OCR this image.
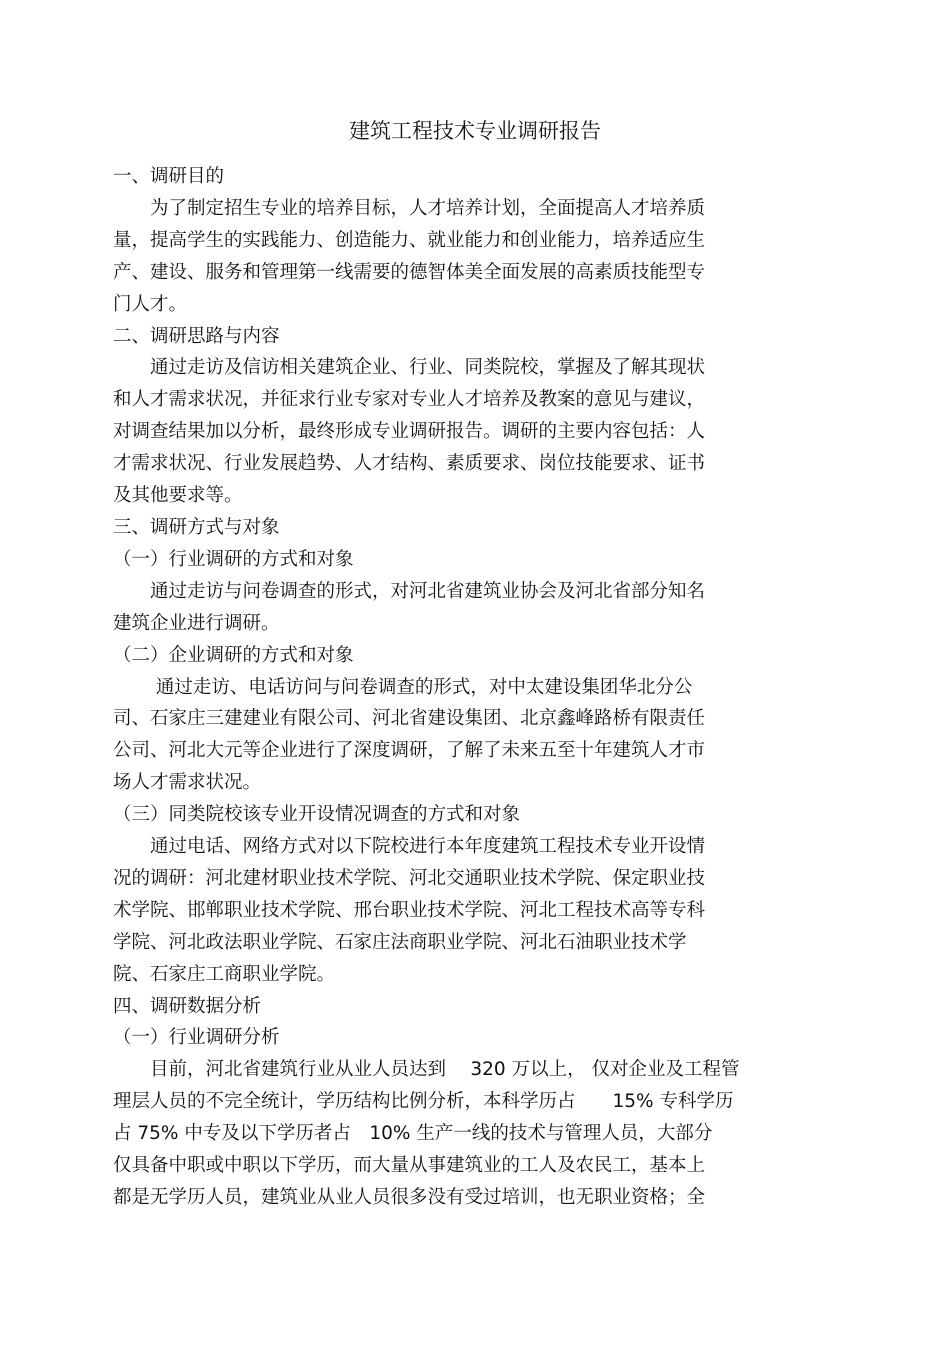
建筑工程技术专业调研报告
一、调研目的
　　为了制定招生专业的培养目标，人才培养计划，全面提高人才培养质
量，提高学生的实践能力、创造能力、就业能力和创业能力，培养适应生
产、建设、服务和管理第一线需要的德智体美全面发展的高素质技能型专
门人才。
二、调研思路与内容
　　通过走访及信访相关建筑企业、行业、同类院校，掌握及了解其现状
和人才需求状况，并征求行业专家对专业人才培养及教案的意见与建议，
对调查结果加以分析，最终形成专业调研报告。调研的主要内容包括：人
才需求状况、行业发展趋势、人才结构、素质要求、岗位技能要求、证书
及其他要求等。
三、调研方式与对象
（一）行业调研的方式和对象
　　通过走访与问卷调查的形式，对河北省建筑业协会及河北省部分知名
建筑企业进行调研。
（二）企业调研的方式和对象
　　 通过走访、电话访问与问卷调查的形式，对中太建设集团华北分公
司、石家庄三建建业有限公司、河北省建设集团、北京鑫峰路桥有限责任
公司、河北大元等企业进行了深度调研，了解了未来五至十年建筑人才市
场人才需求状况。
（三）同类院校该专业开设情况调查的方式和对象
　　通过电话、网络方式对以下院校进行本年度建筑工程技术专业开设情
况的调研：河北建材职业技术学院、河北交通职业技术学院、保定职业技
术学院、邯郸职业技术学院、邢台职业技术学院、河北工程技术高等专科
学院、河北政法职业学院、石家庄法商职业学院、河北石油职业技术学
院、石家庄工商职业学院。
四、调研数据分析
（一）行业调研分析
　　目前，河北省建筑行业从业人员达到　 320 万以上， 仅对企业及工程管
理层人员的不完全统计，学历结构比例分析，本科学历占　　15% 专科学历
占 75% 中专及以下学历者占　10% 生产一线的技术与管理人员，大部分
仅具备中职或中职以下学历，而大量从事建筑业的工人及农民工，基本上
都是无学历人员，建筑业从业人员很多没有受过培训，也无职业资格；全
